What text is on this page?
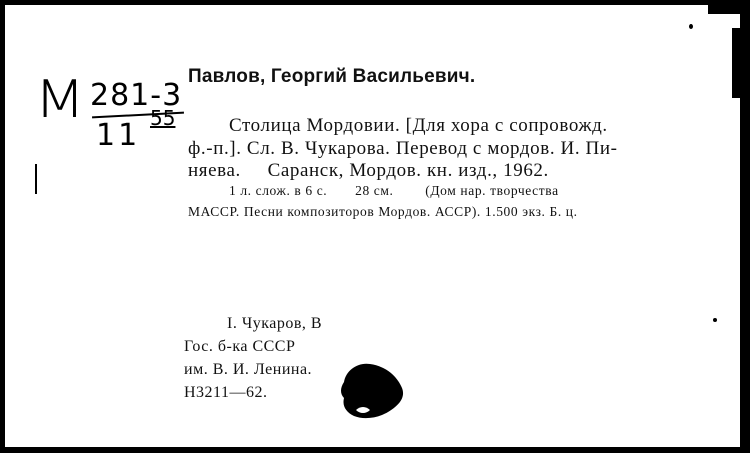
M 281-3
11 55
Павлов, Георгий Васильевич.
Столица Мордовии. [Для хора с сопровожд.
ф.-п.]. Сл. В. Чукарова. Перевод с мордов. И. Пи-
няева.     Саранск, Мордов. кн. изд., 1962.
1 л. слож. в 6 с.       28 см.        (Дом нар. творчества
МАССР. Песни композиторов Мордов. АССР). 1.500 экз. Б. ц.
I. Чукаров, В
Гос. б-ка СССР
им. В. И. Ленина.
Н3211—62.
